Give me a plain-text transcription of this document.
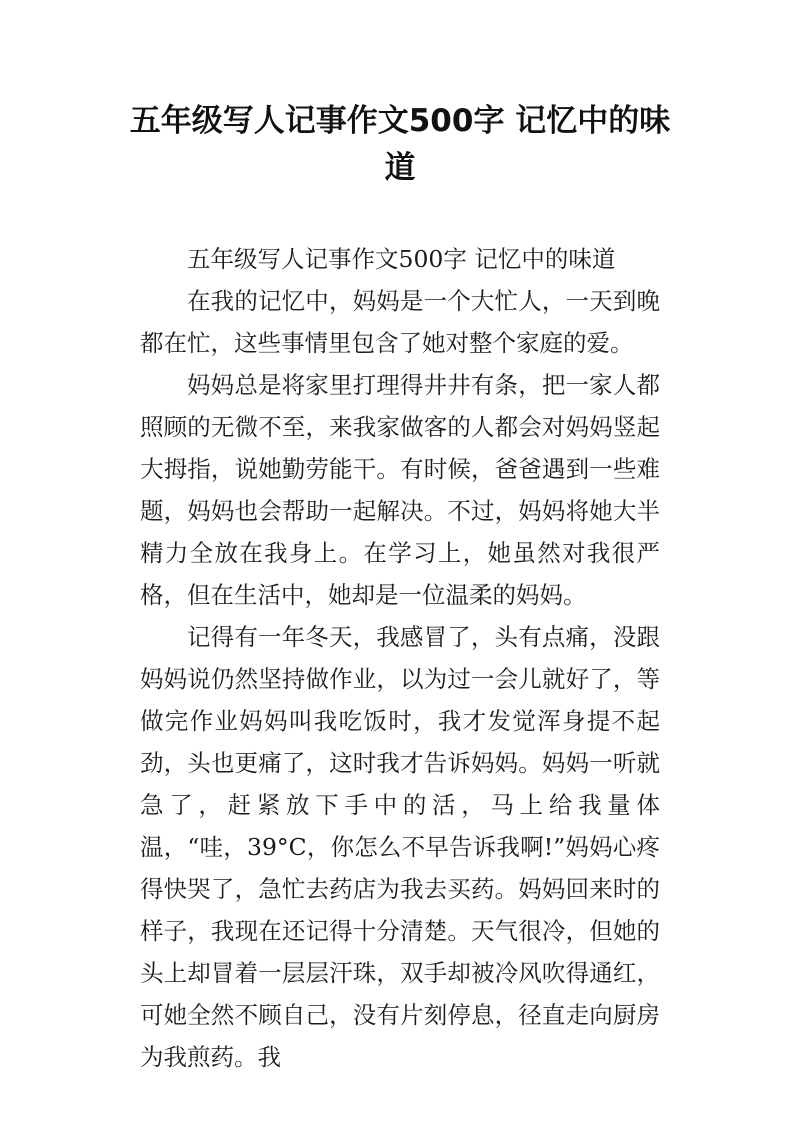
五年级写人记事作文500字 记忆中的味道

五年级写人记事作文500字 记忆中的味道

在我的记忆中，妈妈是一个大忙人，一天到晚都在忙，这些事情里包含了她对整个家庭的爱。

妈妈总是将家里打理得井井有条，把一家人都照顾的无微不至，来我家做客的人都会对妈妈竖起大拇指，说她勤劳能干。有时候，爸爸遇到一些难题，妈妈也会帮助一起解决。不过，妈妈将她大半精力全放在我身上。在学习上，她虽然对我很严格，但在生活中，她却是一位温柔的妈妈。

记得有一年冬天，我感冒了，头有点痛，没跟妈妈说仍然坚持做作业，以为过一会儿就好了，等做完作业妈妈叫我吃饭时，我才发觉浑身提不起劲，头也更痛了，这时我才告诉妈妈。妈妈一听就急了，赶紧放下手中的活，马上给我量体温，“哇，39°C，你怎么不早告诉我啊!”妈妈心疼得快哭了，急忙去药店为我去买药。妈妈回来时的样子，我现在还记得十分清楚。天气很冷，但她的头上却冒着一层层汗珠，双手却被冷风吹得通红，可她全然不顾自己，没有片刻停息，径直走向厨房为我煎药。我
